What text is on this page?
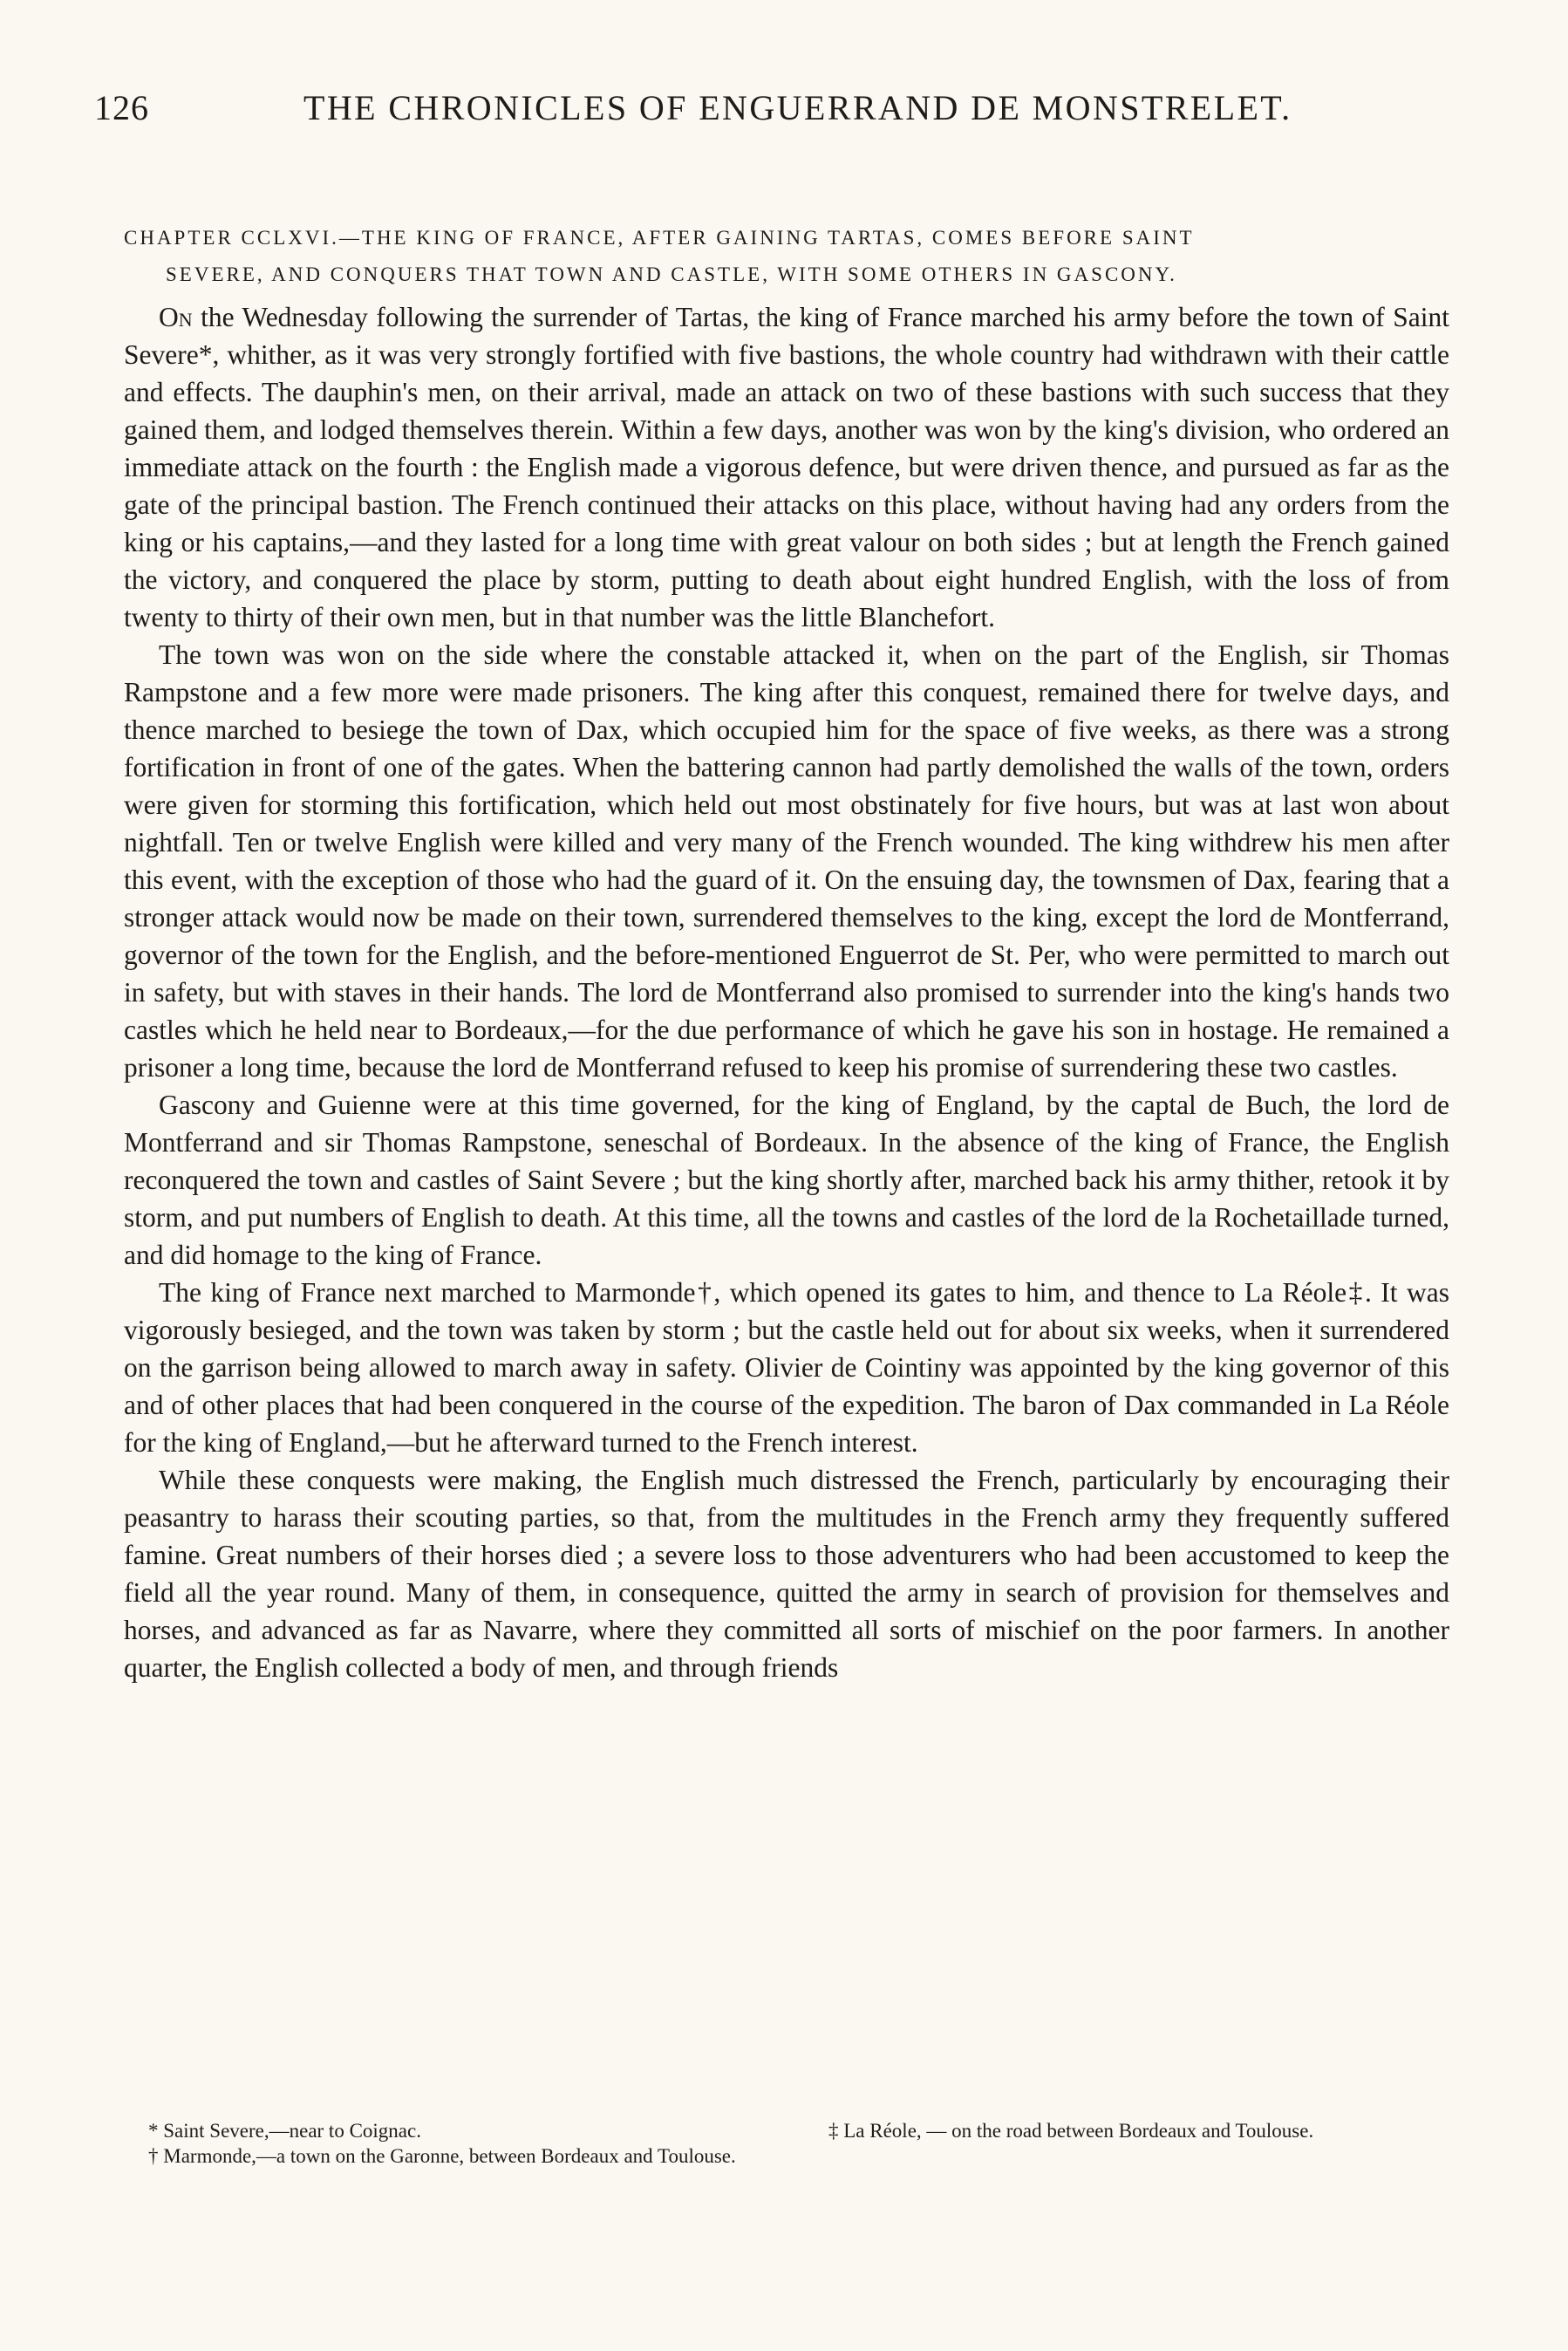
126	THE CHRONICLES OF ENGUERRAND DE MONSTRELET.
CHAPTER CCLXVI.—THE KING OF FRANCE, AFTER GAINING TARTAS, COMES BEFORE SAINT
SEVERE, AND CONQUERS THAT TOWN AND CASTLE, WITH SOME OTHERS IN GASCONY.

On the Wednesday following the surrender of Tartas, the king of France marched his army before the town of Saint Severe*, whither, as it was very strongly fortified with five bastions, the whole country had withdrawn with their cattle and effects. The dauphin's men, on their arrival, made an attack on two of these bastions with such success that they gained them, and lodged themselves therein. Within a few days, another was won by the king's division, who ordered an immediate attack on the fourth : the English made a vigorous defence, but were driven thence, and pursued as far as the gate of the principal bastion. The French continued their attacks on this place, without having had any orders from the king or his captains,—and they lasted for a long time with great valour on both sides ; but at length the French gained the victory, and conquered the place by storm, putting to death about eight hundred English, with the loss of from twenty to thirty of their own men, but in that number was the little Blanchefort.

The town was won on the side where the constable attacked it, when on the part of the English, sir Thomas Rampstone and a few more were made prisoners. The king after this conquest, remained there for twelve days, and thence marched to besiege the town of Dax, which occupied him for the space of five weeks, as there was a strong fortification in front of one of the gates. When the battering cannon had partly demolished the walls of the town, orders were given for storming this fortification, which held out most obstinately for five hours, but was at last won about nightfall. Ten or twelve English were killed and very many of the French wounded. The king withdrew his men after this event, with the exception of those who had the guard of it. On the ensuing day, the townsmen of Dax, fearing that a stronger attack would now be made on their town, surrendered themselves to the king, except the lord de Montferrand, governor of the town for the English, and the before-mentioned Enguerrot de St. Per, who were permitted to march out in safety, but with staves in their hands. The lord de Montferrand also promised to surrender into the king's hands two castles which he held near to Bordeaux,—for the due performance of which he gave his son in hostage. He remained a prisoner a long time, because the lord de Montferrand refused to keep his promise of surrendering these two castles.

Gascony and Guienne were at this time governed, for the king of England, by the captal de Buch, the lord de Montferrand and sir Thomas Rampstone, seneschal of Bordeaux. In the absence of the king of France, the English reconquered the town and castles of Saint Severe ; but the king shortly after, marched back his army thither, retook it by storm, and put numbers of English to death. At this time, all the towns and castles of the lord de la Rochetaillade turned, and did homage to the king of France.

The king of France next marched to Marmonde†, which opened its gates to him, and thence to La Réole‡. It was vigorously besieged, and the town was taken by storm ; but the castle held out for about six weeks, when it surrendered on the garrison being allowed to march away in safety. Olivier de Cointiny was appointed by the king governor of this and of other places that had been conquered in the course of the expedition. The baron of Dax commanded in La Réole for the king of England,—but he afterward turned to the French interest.

While these conquests were making, the English much distressed the French, particularly by encouraging their peasantry to harass their scouting parties, so that, from the multitudes in the French army they frequently suffered famine. Great numbers of their horses died ; a severe loss to those adventurers who had been accustomed to keep the field all the year round. Many of them, in consequence, quitted the army in search of provision for themselves and horses, and advanced as far as Navarre, where they committed all sorts of mischief on the poor farmers. In another quarter, the English collected a body of men, and through friends

* Saint Severe,—near to Coignac.

† Marmonde,—a town on the Garonne, between Bordeaux and Toulouse.

‡ La Réole, — on the road between Bordeaux and Toulouse.
